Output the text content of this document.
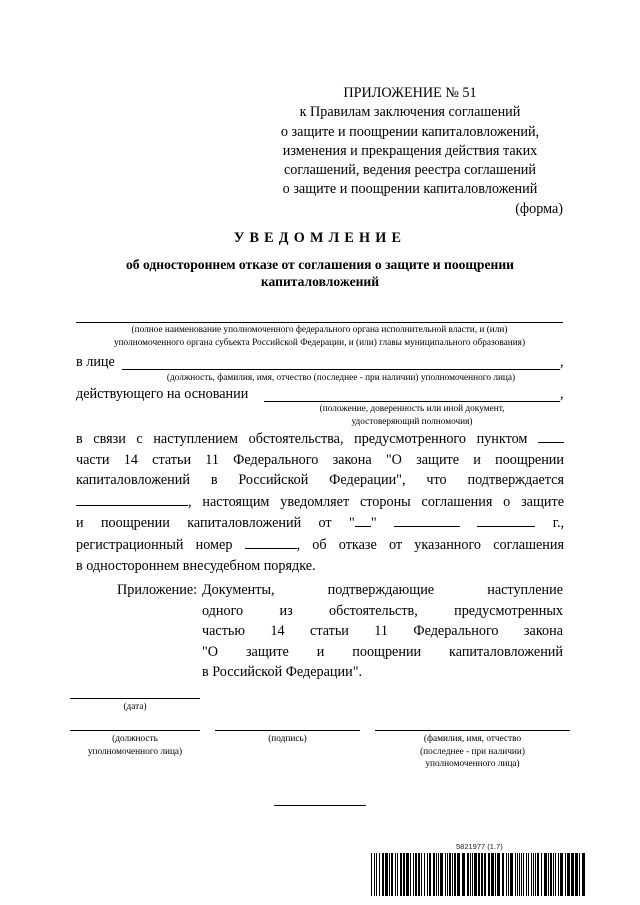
ПРИЛОЖЕНИЕ № 51
к Правилам заключения соглашений
о защите и поощрении капиталовложений,
изменения и прекращения действия таких
соглашений, ведения реестра соглашений
о защите и поощрении капиталовложений
(форма)
УВЕДОМЛЕНИЕ
об одностороннем отказе от соглашения о защите и поощрении
капиталовложений
(полное наименование уполномоченного федерального органа исполнительной власти, и (или)
уполномоченного органа субъекта Российской Федерации, и (или) главы муниципального образования)
в лице	,
(должность, фамилия, имя, отчество (последнее - при наличии) уполномоченного лица)
действующего на основании	,
(положение, доверенность или иной документ,
удостоверяющий полномочия)
в связи с наступлением обстоятельства, предусмотренного пунктом
части 14 статьи 11 Федерального закона "О защите и поощрении
капиталовложений в Российской Федерации", что подтверждается
, настоящим уведомляет стороны соглашения о защите
и поощрении капиталовложений от " "	г.,
регистрационный номер	, об отказе от указанного соглашения
в одностороннем внесудебном порядке.
Приложение: Документы, подтверждающие наступление
одного из обстоятельств, предусмотренных
частью 14 статьи 11 Федерального закона
"О защите и поощрении капиталовложений
в Российской Федерации".
(дата)
(должность
уполномоченного лица)
(подпись)	(фамилия, имя, отчество
(последнее - при наличии)
уполномоченного лица)
5821977 (1.7)
